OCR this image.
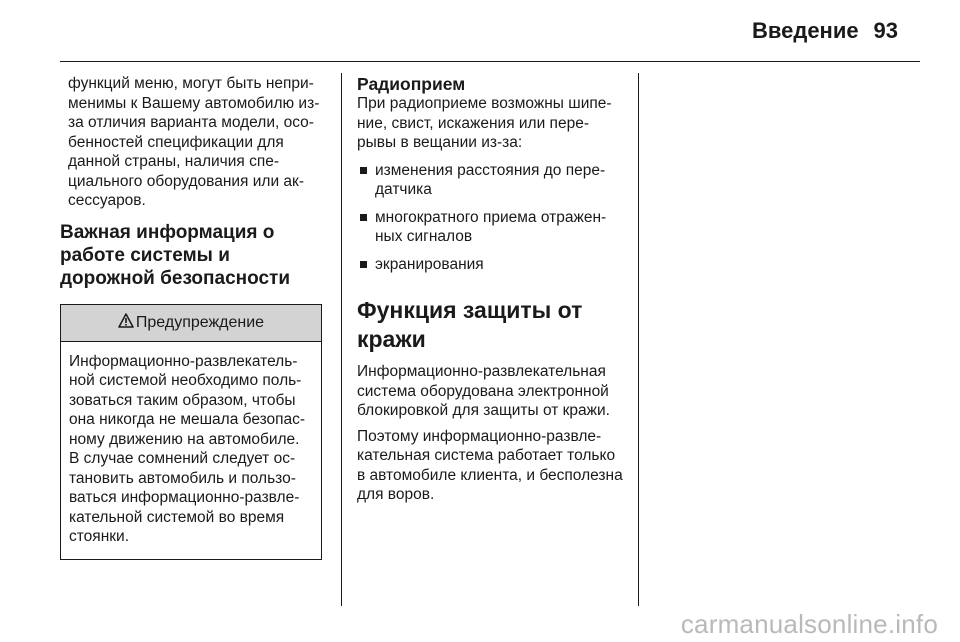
Введение 93

функций меню, могут быть непри-менимы к Вашему автомобилю из-за отличия варианта модели, осо-бенностей спецификации для данной страны, наличия спе-циального оборудования или ак-сессуаров.

Важная информация о работе системы и дорожной безопасности
Предупреждение
Информационно-развлекатель-ной системой необходимо поль-зоваться таким образом, чтобы она никогда не мешала безопас-ному движению на автомобиле. В случае сомнений следует ос-тановить автомобиль и пользо-ваться информационно-развле-кательной системой во время стоянки.
Радиоприем

При радиоприеме возможны шипе-ние, свист, искажения или пере-рывы в вещании из-за:

изменения расстояния до пере-датчика
многократного приема отражен-ных сигналов
экранирования
Функция защиты от кражи

Информационно-развлекательная система оборудована электронной блокировкой для защиты от кражи.

Поэтому информационно-развле-кательная система работает только в автомобиле клиента, и бесполезна для воров.

carmanualsonline.info
